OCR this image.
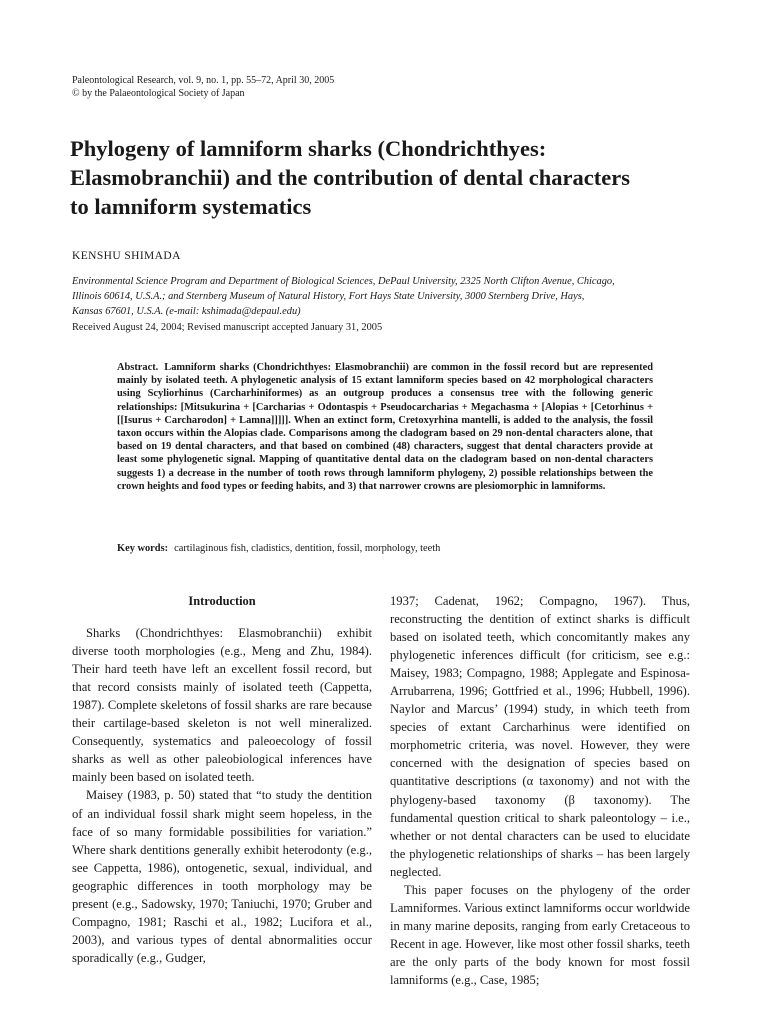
Paleontological Research, vol. 9, no. 1, pp. 55–72, April 30, 2005
© by the Palaeontological Society of Japan
Phylogeny of lamniform sharks (Chondrichthyes:
Elasmobranchii) and the contribution of dental characters
to lamniform systematics
KENSHU SHIMADA
Environmental Science Program and Department of Biological Sciences, DePaul University, 2325 North Clifton Avenue, Chicago,
Illinois 60614, U.S.A.; and Sternberg Museum of Natural History, Fort Hays State University, 3000 Sternberg Drive, Hays,
Kansas 67601, U.S.A. (e-mail: kshimada@depaul.edu)
Received August 24, 2004; Revised manuscript accepted January 31, 2005

Abstract. Lamniform sharks (Chondrichthyes: Elasmobranchii) are common in the fossil record but are represented mainly by isolated teeth. A phylogenetic analysis of 15 extant lamniform species based on 42 morphological characters using Scyliorhinus (Carcharhiniformes) as an outgroup produces a consensus tree with the following generic relationships: [Mitsukurina + [Carcharias + Odontaspis + Pseudocarcharias + Megachasma + [Alopias + [Cetorhinus + [[Isurus + Carcharodon] + Lamna]]]]]. When an extinct form, Cretoxyrhina mantelli, is added to the analysis, the fossil taxon occurs within the Alopias clade. Comparisons among the cladogram based on 29 non-dental characters alone, that based on 19 dental characters, and that based on combined (48) characters, suggest that dental characters provide at least some phylogenetic signal. Mapping of quantitative dental data on the cladogram based on non-dental characters suggests 1) a decrease in the number of tooth rows through lamniform phylogeny, 2) possible relationships between the crown heights and food types or feeding habits, and 3) that narrower crowns are plesiomorphic in lamniforms.

Key words: cartilaginous fish, cladistics, dentition, fossil, morphology, teeth
Introduction

Sharks (Chondrichthyes: Elasmobranchii) exhibit diverse tooth morphologies (e.g., Meng and Zhu, 1984). Their hard teeth have left an excellent fossil record, but that record consists mainly of isolated teeth (Cappetta, 1987). Complete skeletons of fossil sharks are rare because their cartilage-based skeleton is not well mineralized. Consequently, systematics and paleoecology of fossil sharks as well as other paleobiological inferences have mainly been based on isolated teeth.

Maisey (1983, p. 50) stated that “to study the dentition of an individual fossil shark might seem hopeless, in the face of so many formidable possibilities for variation.” Where shark dentitions generally exhibit heterodonty (e.g., see Cappetta, 1986), ontogenetic, sexual, individual, and geographic differences in tooth morphology may be present (e.g., Sadowsky, 1970; Taniuchi, 1970; Gruber and Compagno, 1981; Raschi et al., 1982; Lucifora et al., 2003), and various types of dental abnormalities occur sporadically (e.g., Gudger,

1937; Cadenat, 1962; Compagno, 1967). Thus, reconstructing the dentition of extinct sharks is difficult based on isolated teeth, which concomitantly makes any phylogenetic inferences difficult (for criticism, see e.g.: Maisey, 1983; Compagno, 1988; Applegate and Espinosa-Arrubarrena, 1996; Gottfried et al., 1996; Hubbell, 1996). Naylor and Marcus’ (1994) study, in which teeth from species of extant Carcharhinus were identified on morphometric criteria, was novel. However, they were concerned with the designation of species based on quantitative descriptions (α taxonomy) and not with the phylogeny-based taxonomy (β taxonomy). The fundamental question critical to shark paleontology – i.e., whether or not dental characters can be used to elucidate the phylogenetic relationships of sharks – has been largely neglected.

This paper focuses on the phylogeny of the order Lamniformes. Various extinct lamniforms occur worldwide in many marine deposits, ranging from early Cretaceous to Recent in age. However, like most other fossil sharks, teeth are the only parts of the body known for most fossil lamniforms (e.g., Case, 1985;
